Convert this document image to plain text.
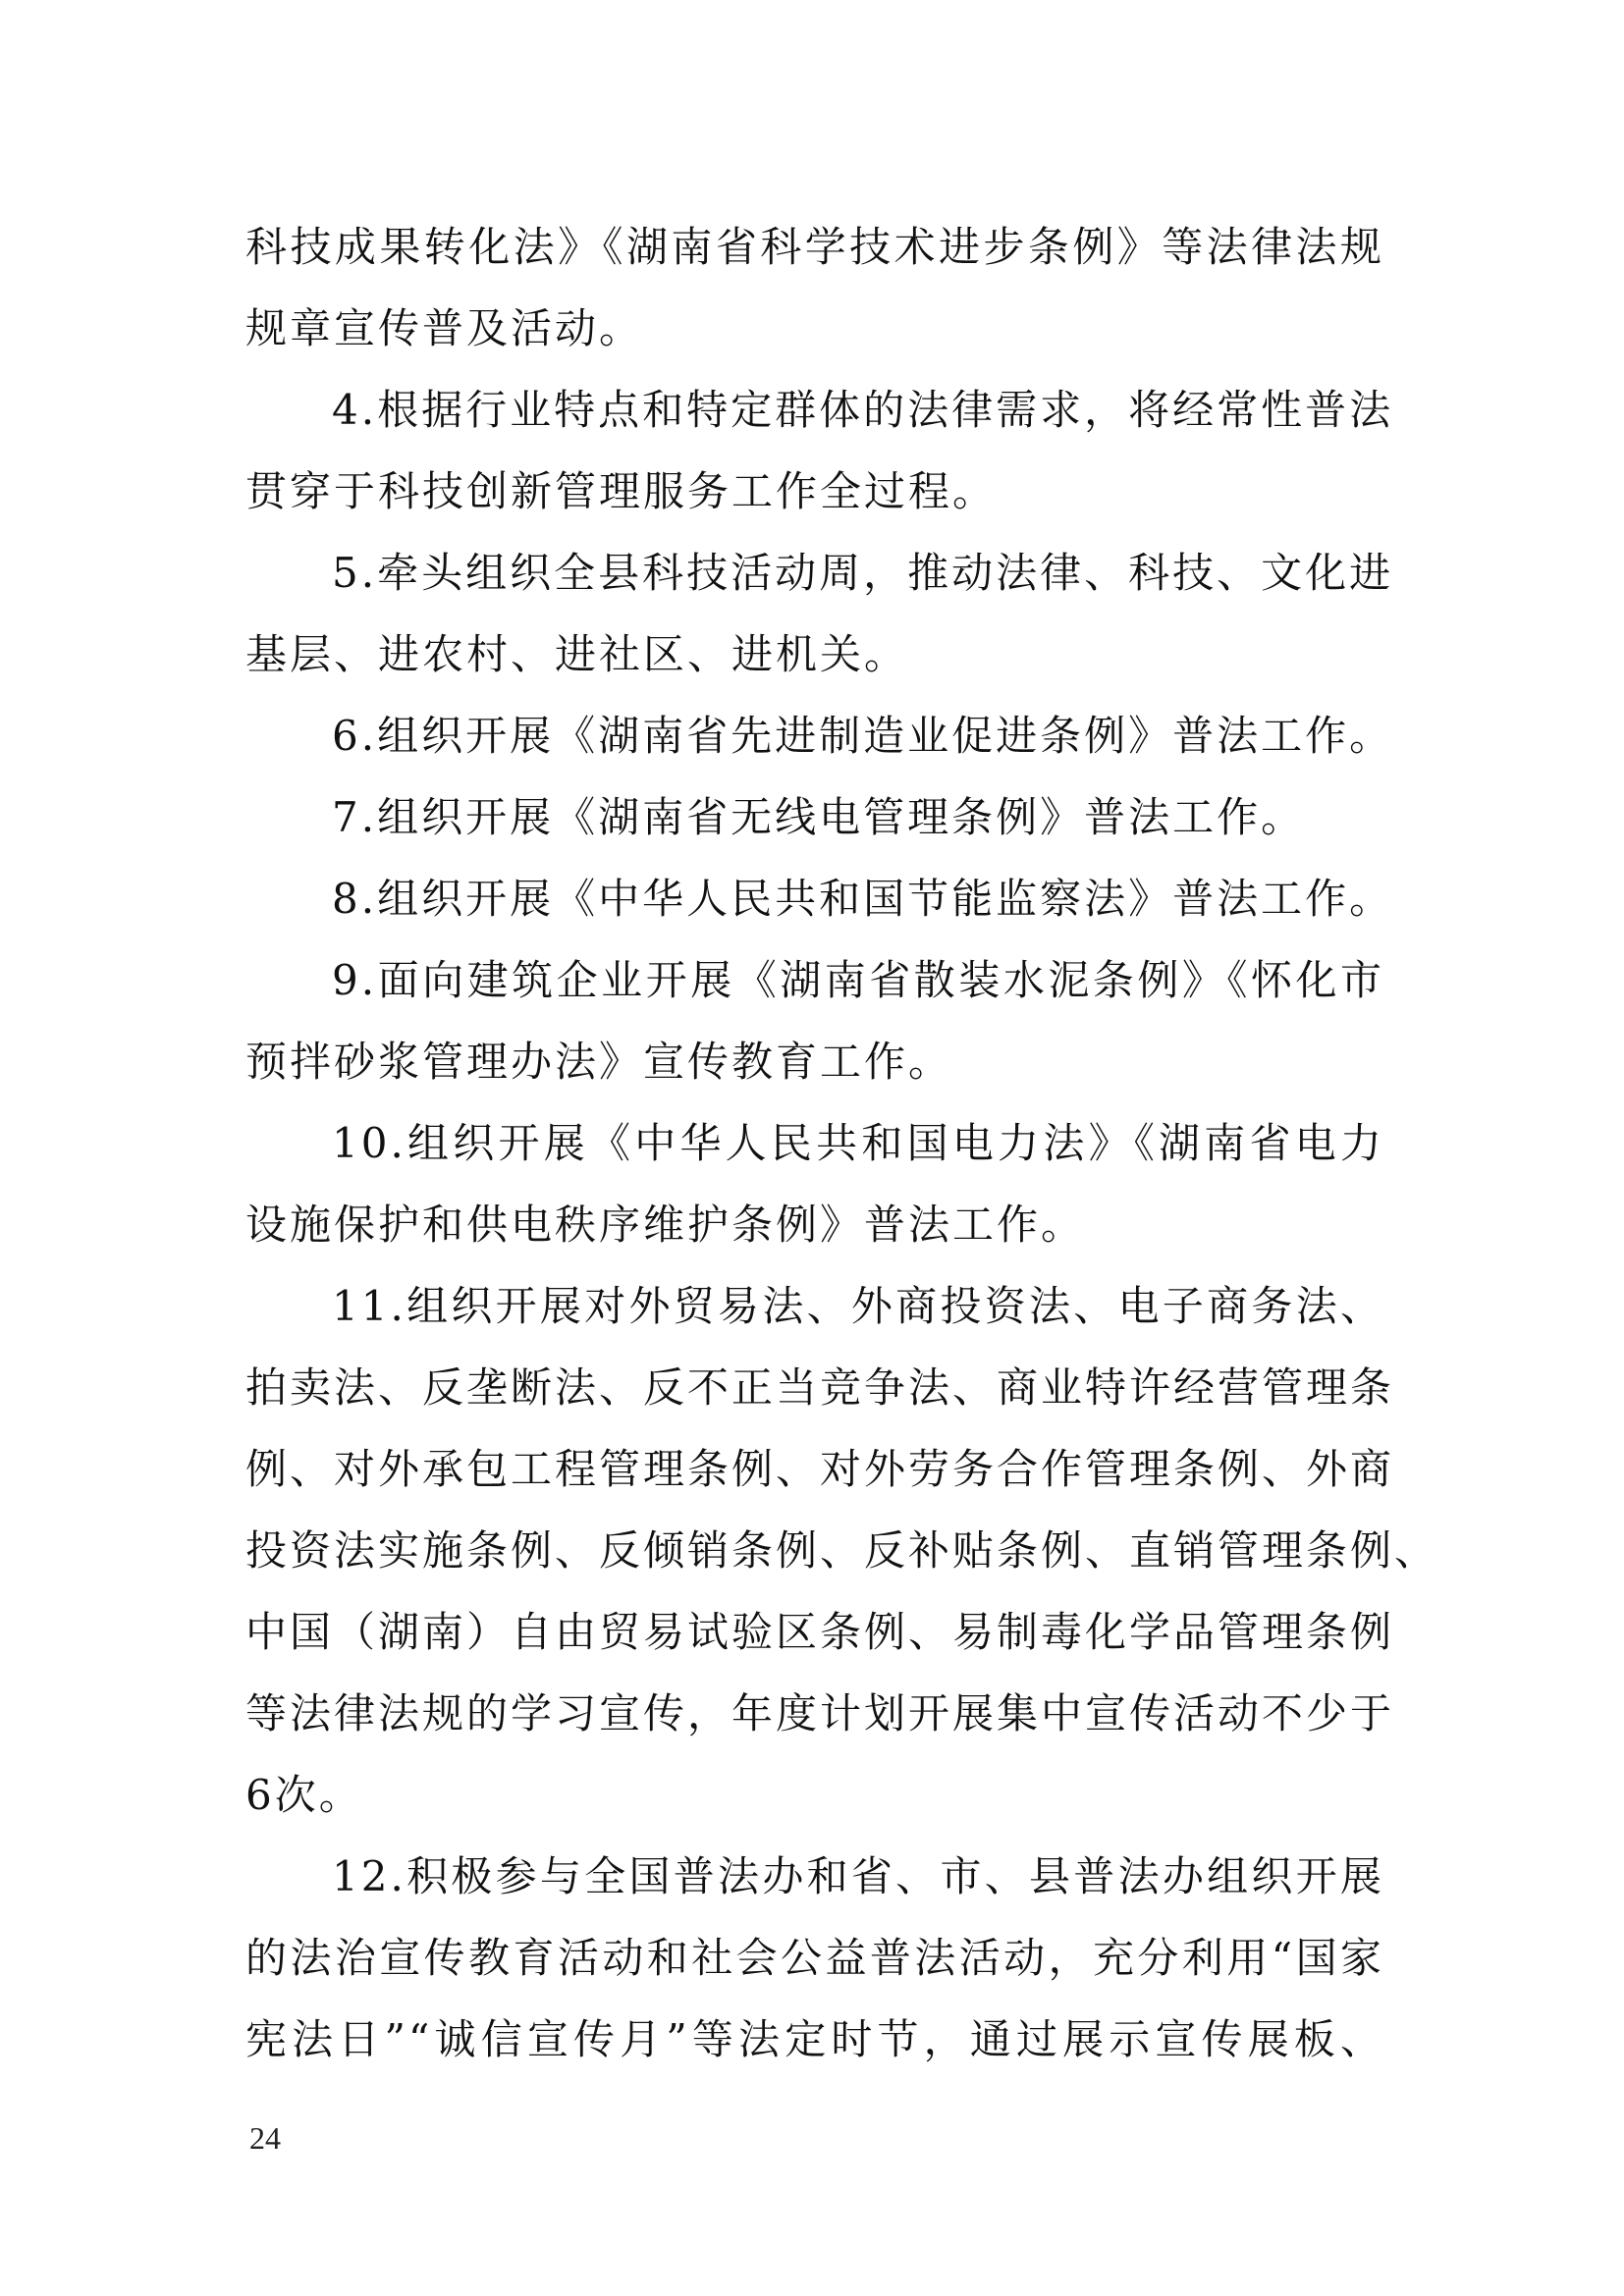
科技成果转化法》《湖南省科学技术进步条例》等法律法规
规章宣传普及活动。
4.根据行业特点和特定群体的法律需求，将经常性普法
贯穿于科技创新管理服务工作全过程。
5.牵头组织全县科技活动周，推动法律、科技、文化进
基层、进农村、进社区、进机关。
6.组织开展《湖南省先进制造业促进条例》普法工作。
7.组织开展《湖南省无线电管理条例》普法工作。
8.组织开展《中华人民共和国节能监察法》普法工作。
9.面向建筑企业开展《湖南省散装水泥条例》《怀化市
预拌砂浆管理办法》宣传教育工作。
10.组织开展《中华人民共和国电力法》《湖南省电力
设施保护和供电秩序维护条例》普法工作。
11.组织开展对外贸易法、外商投资法、电子商务法、
拍卖法、反垄断法、反不正当竞争法、商业特许经营管理条
例、对外承包工程管理条例、对外劳务合作管理条例、外商
投资法实施条例、反倾销条例、反补贴条例、直销管理条例、
中国（湖南）自由贸易试验区条例、易制毒化学品管理条例
等法律法规的学习宣传，年度计划开展集中宣传活动不少于
6次。
12.积极参与全国普法办和省、市、县普法办组织开展
的法治宣传教育活动和社会公益普法活动，充分利用“国家
宪法日”“诚信宣传月”等法定时节，通过展示宣传展板、
24
